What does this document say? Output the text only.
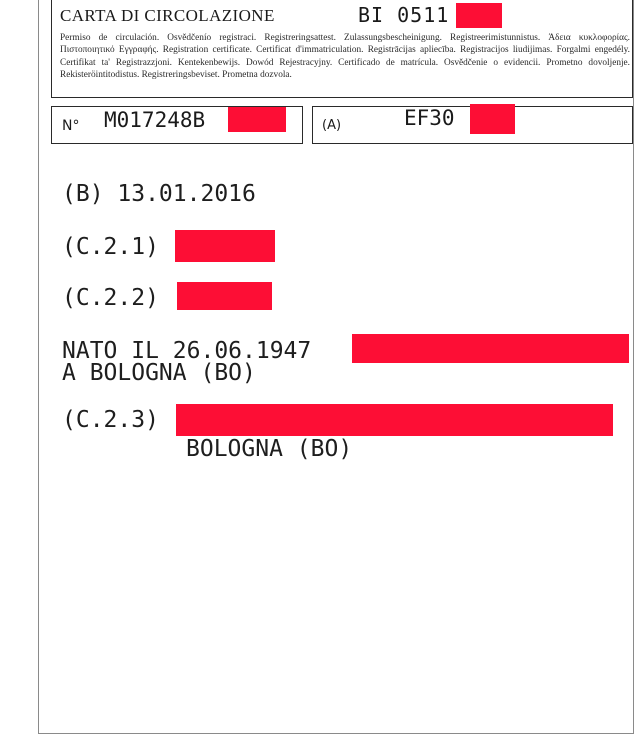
CARTA DI CIRCOLAZIONE	BI 0511
Permiso de circulación. Osvědčenío registraci. Registreringsattest. Zulassungsbescheinigung. Registreerimistunnistus. Άδεια κυκλοφορίας. Πιστοποιητικό Εγγραφής. Registration certificate. Certificat d'immatriculation. Registrācijas apliecība. Registracijos liudijimas. Forgalmi engedély. Certifikat ta' Registrazzjoni. Kentekenbewijs. Dowód Rejestracyjny. Certificado de matrícula. Osvědčenie o evidencii. Prometno dovoljenje. Rekisteröintitodistus. Registreringsbeviset. Prometna dozvola.
N° M017248B	(A)	EF30
(B) 13.01.2016
(C.2.1)
(C.2.2)
NATO IL 26.06.1947
A BOLOGNA (BO)
(C.2.3)
BOLOGNA (BO)
